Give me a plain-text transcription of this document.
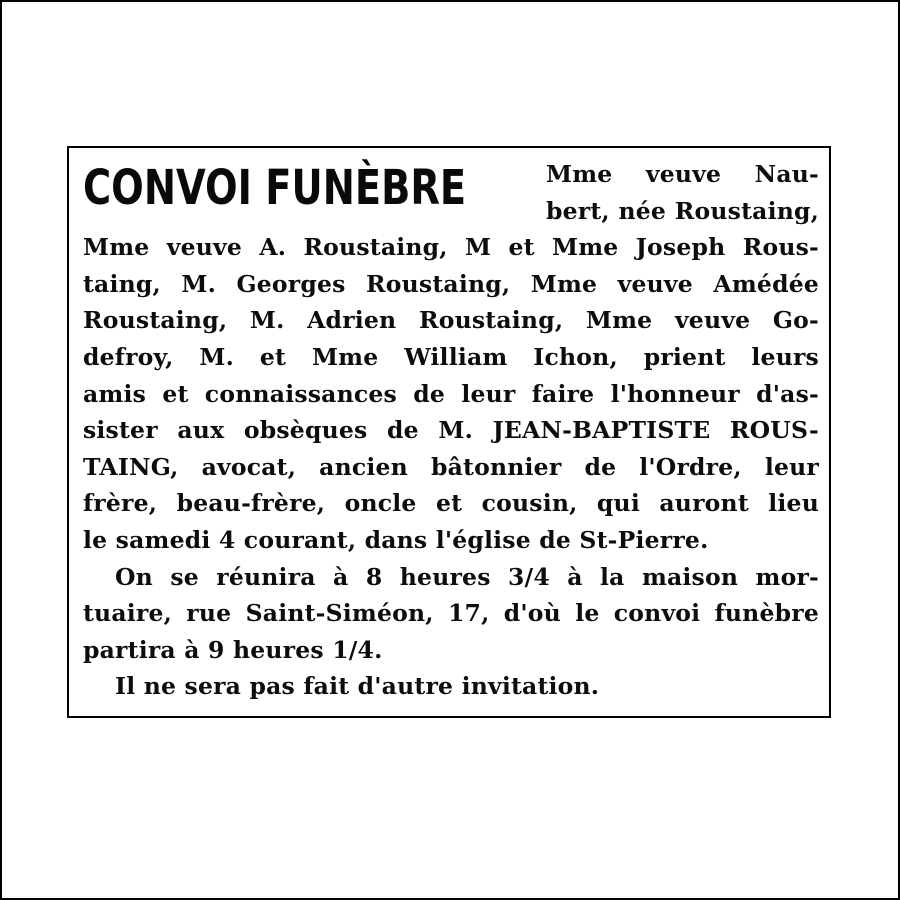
CONVOI FUNÈBRE	Mme veuve Nau-
bert, née Roustaing,
Mme veuve A. Roustaing, M et Mme Joseph Rous-
taing, M. Georges Roustaing, Mme veuve Amédée
Roustaing, M. Adrien Roustaing, Mme veuve Go-
defroy, M. et Mme William Ichon, prient leurs
amis et connaissances de leur faire l'honneur d'as-
sister aux obsèques de M. JEAN-BAPTISTE ROUS-
TAING, avocat, ancien bâtonnier de l'Ordre, leur
frère, beau-frère, oncle et cousin, qui auront lieu
le samedi 4 courant, dans l'église de St-Pierre.
On se réunira à 8 heures 3/4 à la maison mor-
tuaire, rue Saint-Siméon, 17, d'où le convoi funèbre
partira à 9 heures 1/4.
Il ne sera pas fait d'autre invitation.
